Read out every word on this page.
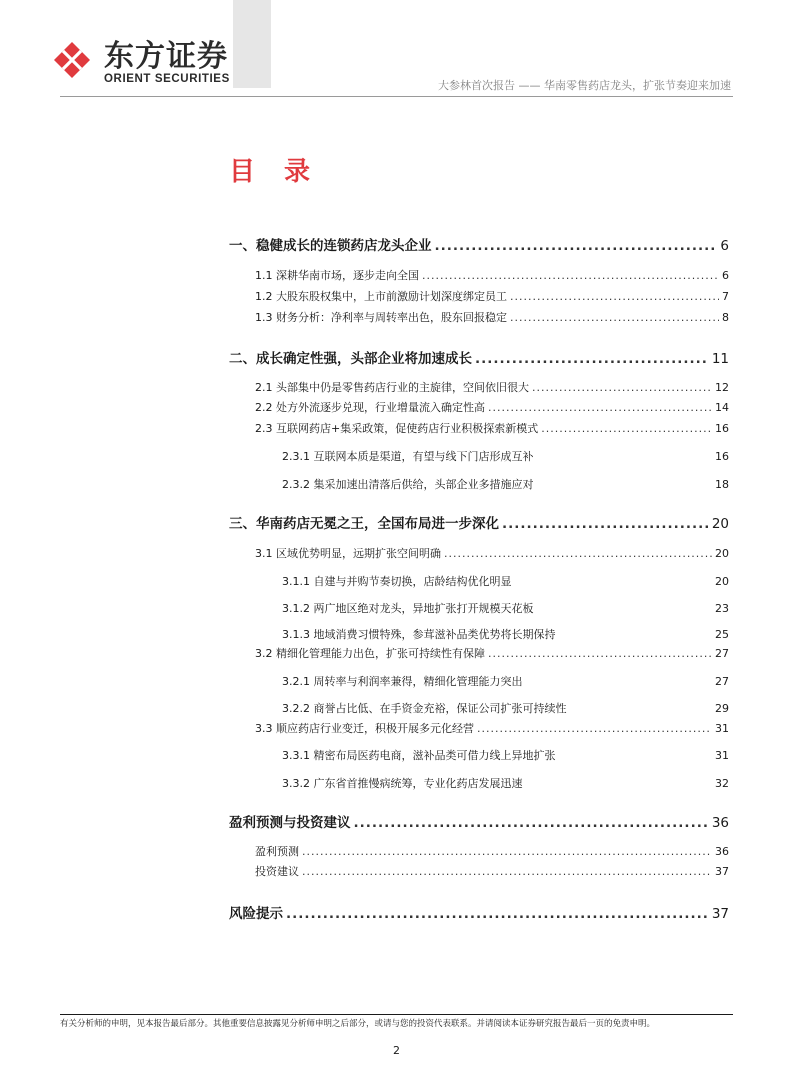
东方证券
ORIENT SECURITIES	大参林首次报告 —— 华南零售药店龙头，扩张节奏迎来加速
目 录
一、稳健成长的连锁药店龙头企业 .....	6
1.1 深耕华南市场，逐步走向全国 .....	6
1.2 大股东股权集中，上市前激励计划深度绑定员工 .....	7
1.3 财务分析：净利率与周转率出色，股东回报稳定 .....	8
二、成长确定性强，头部企业将加速成长 .....	11
2.1 头部集中仍是零售药店行业的主旋律，空间依旧很大 .....	12
2.2 处方外流逐步兑现，行业增量流入确定性高 .....	14
2.3 互联网药店+集采政策，促使药店行业积极探索新模式 .....	16
2.3.1 互联网本质是渠道，有望与线下门店形成互补	16
2.3.2 集采加速出清落后供给，头部企业多措施应对	18
三、华南药店无冕之王，全国布局进一步深化 .....	20
3.1 区域优势明显，远期扩张空间明确 .....	20
3.1.1 自建与并购节奏切换，店龄结构优化明显	20
3.1.2 两广地区绝对龙头，异地扩张打开规模天花板	23
3.1.3 地域消费习惯特殊，参茸滋补品类优势将长期保持	25
3.2 精细化管理能力出色，扩张可持续性有保障 .....	27
3.2.1 周转率与利润率兼得，精细化管理能力突出	27
3.2.2 商誉占比低、在手资金充裕，保证公司扩张可持续性	29
3.3 顺应药店行业变迁，积极开展多元化经营 .....	31
3.3.1 精密布局医药电商，滋补品类可借力线上异地扩张	31
3.3.2 广东省首推慢病统筹，专业化药店发展迅速	32
盈利预测与投资建议 .....	36
盈利预测 .....	36
投资建议 .....	37
风险提示 .....	37
有关分析师的申明，见本报告最后部分。其他重要信息披露见分析师申明之后部分，或请与您的投资代表联系。并请阅读本证券研究报告最后一页的免责申明。
2
